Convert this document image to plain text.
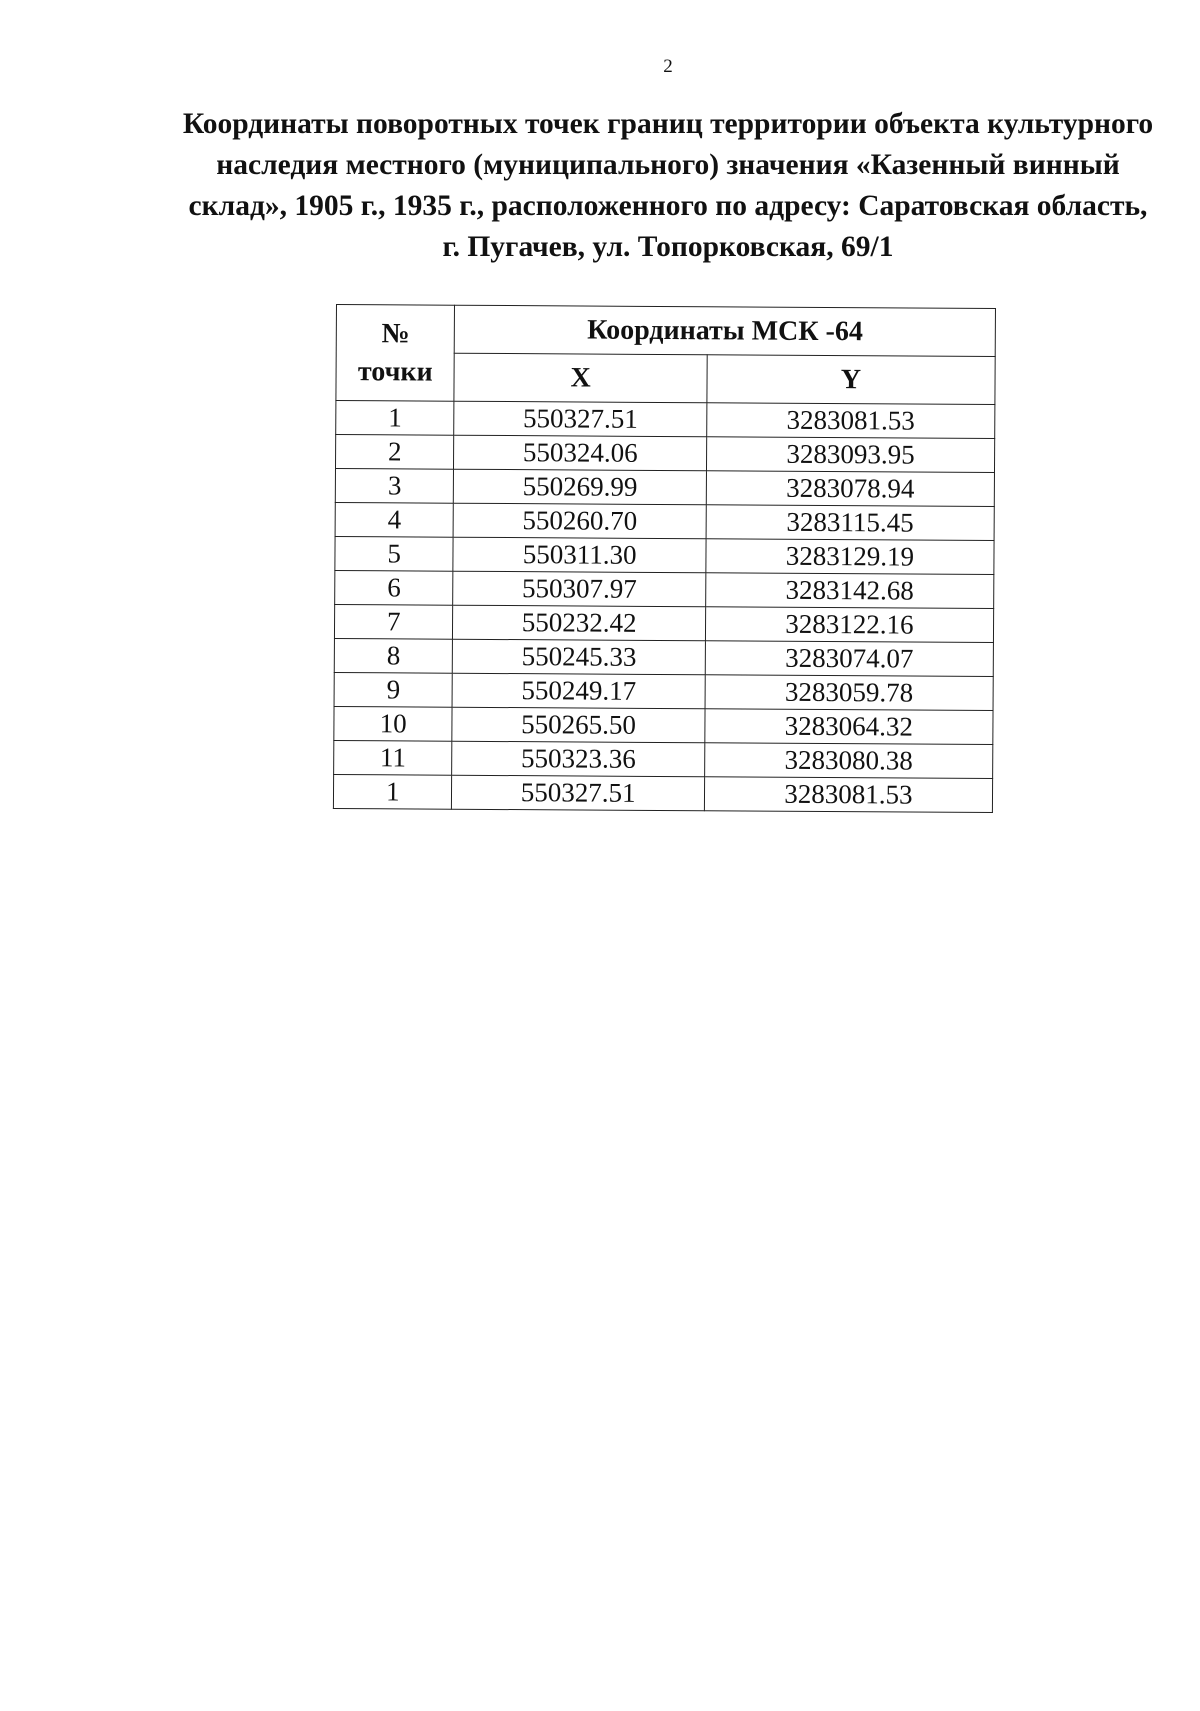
2
Координаты поворотных точек границ территории объекта культурного
наследия местного (муниципального) значения «Казенный винный
склад», 1905 г., 1935 г., расположенного по адресу: Саратовская область,
г. Пугачев, ул. Топорковская, 69/1
№
точки	Координаты МСК -64	
	X	Y
1	550327.51	3283081.53
2	550324.06	3283093.95
3	550269.99	3283078.94
4	550260.70	3283115.45
5	550311.30	3283129.19
6	550307.97	3283142.68
7	550232.42	3283122.16
8	550245.33	3283074.07
9	550249.17	3283059.78
10	550265.50	3283064.32
11	550323.36	3283080.38
1	550327.51	3283081.53
